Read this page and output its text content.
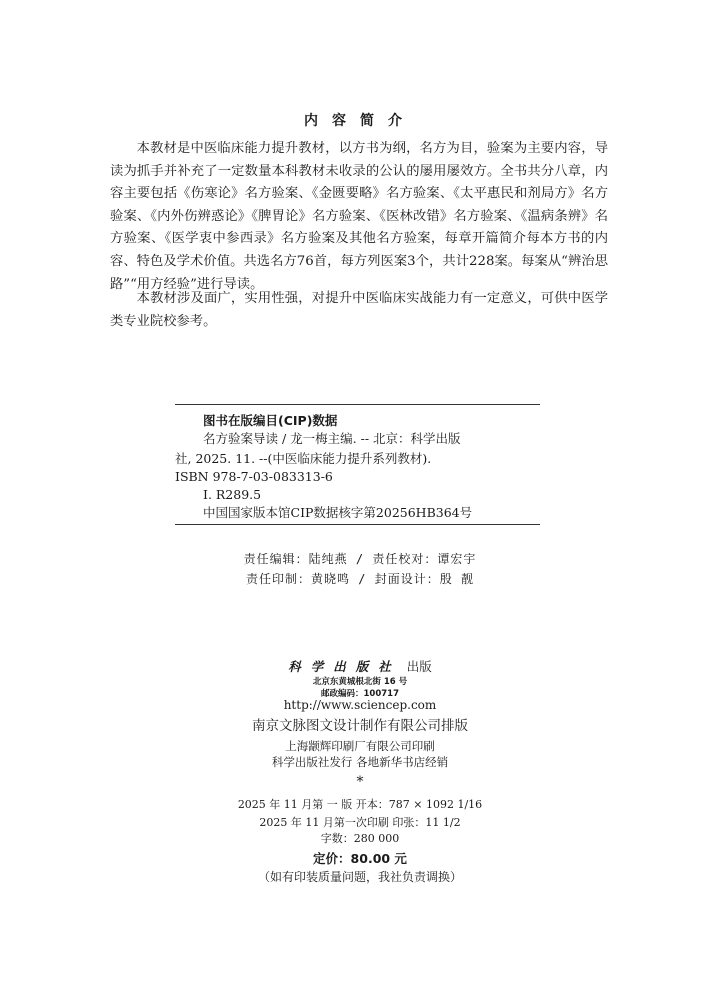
内容简介

本教材是中医临床能力提升教材，以方书为纲，名方为目，验案为主要内容，导读为抓手并补充了一定数量本科教材未收录的公认的屡用屡效方。全书共分八章，内容主要包括《伤寒论》名方验案、《金匮要略》名方验案、《太平惠民和剂局方》名方验案、《内外伤辨惑论》《脾胃论》名方验案、《医林改错》名方验案、《温病条辨》名方验案、《医学衷中参西录》名方验案及其他名方验案，每章开篇简介每本方书的内容、特色及学术价值。共选名方76首，每方列医案3个，共计228案。每案从“辨治思路”“用方经验”进行导读。

本教材涉及面广，实用性强，对提升中医临床实战能力有一定意义，可供中医学类专业院校参考。

图书在版编目(CIP)数据
名方验案导读 / 龙一梅主编. -- 北京：科学出版
社, 2025. 11. --(中医临床能力提升系列教材).
ISBN 978-7-03-083313-6
Ⅰ. R289.5
中国国家版本馆CIP数据核字第20256HB364号
责任编辑：陆纯燕 / 责任校对：谭宏宇
责任印制：黄晓鸣 / 封面设计：殷 靓
科学出版社 出版
北京东黄城根北街 16 号
邮政编码：100717
http://www.sciencep.com
南京文脉图文设计制作有限公司排版
上海颛辉印刷厂有限公司印刷
科学出版社发行 各地新华书店经销
*
2025 年 11 月第 一 版 开本：787 × 1092 1/16
2025 年 11 月第一次印刷 印张：11 1/2
字数：280 000
定价：80.00 元
（如有印装质量问题，我社负责调换）
